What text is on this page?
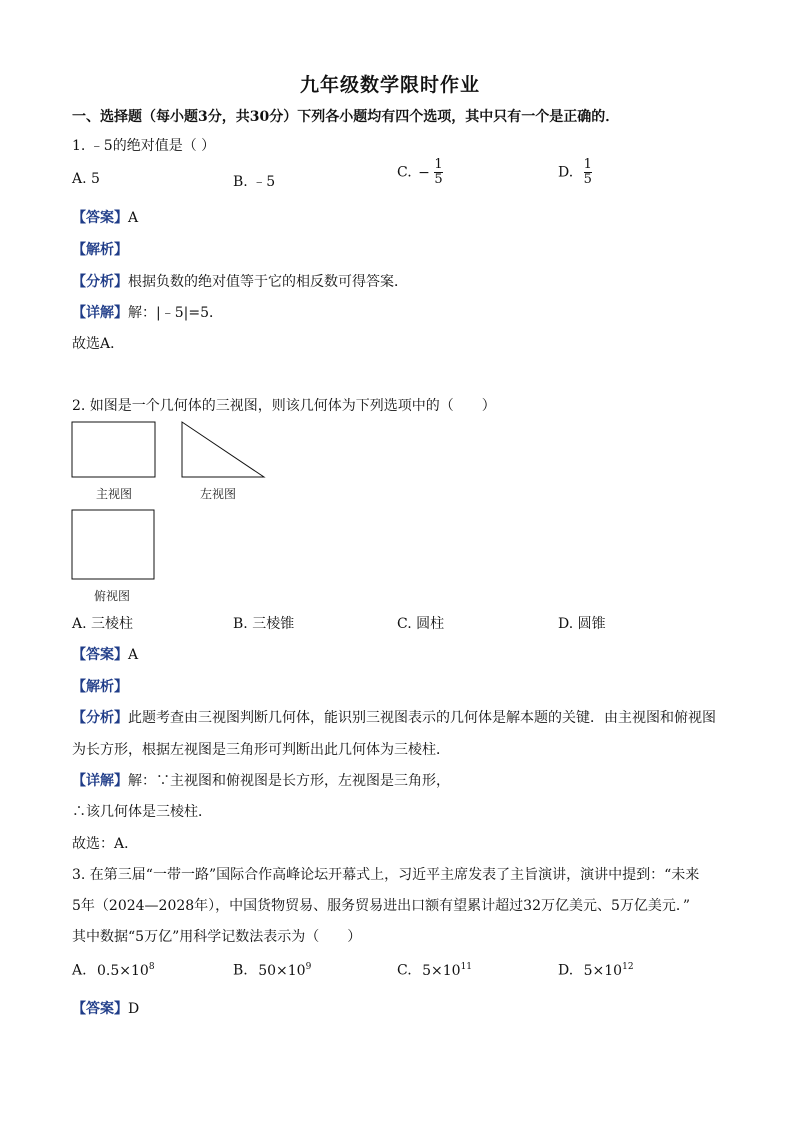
九年级数学限时作业
一、选择题（每小题3分，共30分）下列各小题均有四个选项，其中只有一个是正确的．
1. ﹣5的绝对值是（ ）
A. 5	B. ﹣5
C. − $\frac{1}{5}$	D. $\frac{1}{5}$
【答案】A
【解析】
【分析】根据负数的绝对值等于它的相反数可得答案．
【详解】解：|﹣5|=5．
故选A．
2. 如图是一个几何体的三视图，则该几何体为下列选项中的（　　）
主视图	左视图
俯视图
A. 三棱柱	B. 三棱锥	C. 圆柱	D. 圆锥
【答案】A
【解析】
【分析】此题考查由三视图判断几何体，能识别三视图表示的几何体是解本题的关键．由主视图和俯视图
为长方形，根据左视图是三角形可判断出此几何体为三棱柱．
【详解】解：∵主视图和俯视图是长方形，左视图是三角形，
∴该几何体是三棱柱．
故选：A．
3. 在第三届“一带一路”国际合作高峰论坛开幕式上，习近平主席发表了主旨演讲，演讲中提到：“未来
5年（2024—2028年），中国货物贸易、服务贸易进出口额有望累计超过32万亿美元、5万亿美元．”
其中数据“5万亿”用科学记数法表示为（　　）
A. $0.5\times 10^8$	B. $50\times 10^9$	C. $5\times 10^{11}$	D. $5\times 10^{12}$
【答案】D
